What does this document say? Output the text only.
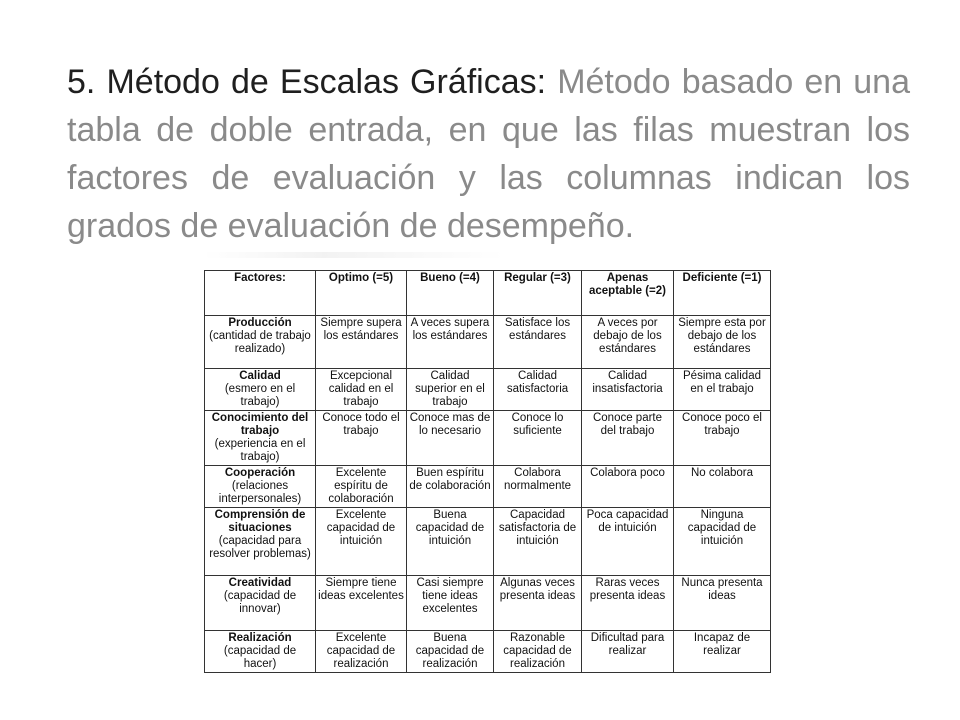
5. Método de Escalas Gráficas: Método basado en una tabla de doble entrada, en que las filas muestran los factores de evaluación y las columnas indican los grados de evaluación de desempeño.
Factores:	Optimo (=5)	Bueno (=4)	Regular (=3)	Apenas aceptable (=2)	Deficiente (=1)

Producción
(cantidad de trabajo realizado)	Siempre supera los estándares	A veces supera los estándares	Satisface los estándares	A veces por debajo de los estándares	Siempre esta por debajo de los estándares

Calidad
(esmero en el trabajo)	Excepcional calidad en el trabajo	Calidad superior en el trabajo	Calidad satisfactoria	Calidad insatisfactoria	Pésima calidad en el trabajo

Conocimiento del trabajo
(experiencia en el trabajo)	Conoce todo el trabajo	Conoce mas de lo necesario	Conoce lo suficiente	Conoce parte del trabajo	Conoce poco el trabajo

Cooperación
(relaciones interpersonales)	Excelente espíritu de colaboración	Buen espíritu de colaboración	Colabora normalmente	Colabora poco	No colabora

Comprensión de situaciones
(capacidad para resolver problemas)	Excelente capacidad de intuición	Buena capacidad de intuición	Capacidad satisfactoria de intuición	Poca capacidad de intuición	Ninguna capacidad de intuición

Creatividad
(capacidad de innovar)	Siempre tiene ideas excelentes	Casi siempre tiene ideas excelentes	Algunas veces presenta ideas	Raras veces presenta ideas	Nunca presenta ideas

Realización
(capacidad de hacer)	Excelente capacidad de realización	Buena capacidad de realización	Razonable capacidad de realización	Dificultad para realizar	Incapaz de realizar
